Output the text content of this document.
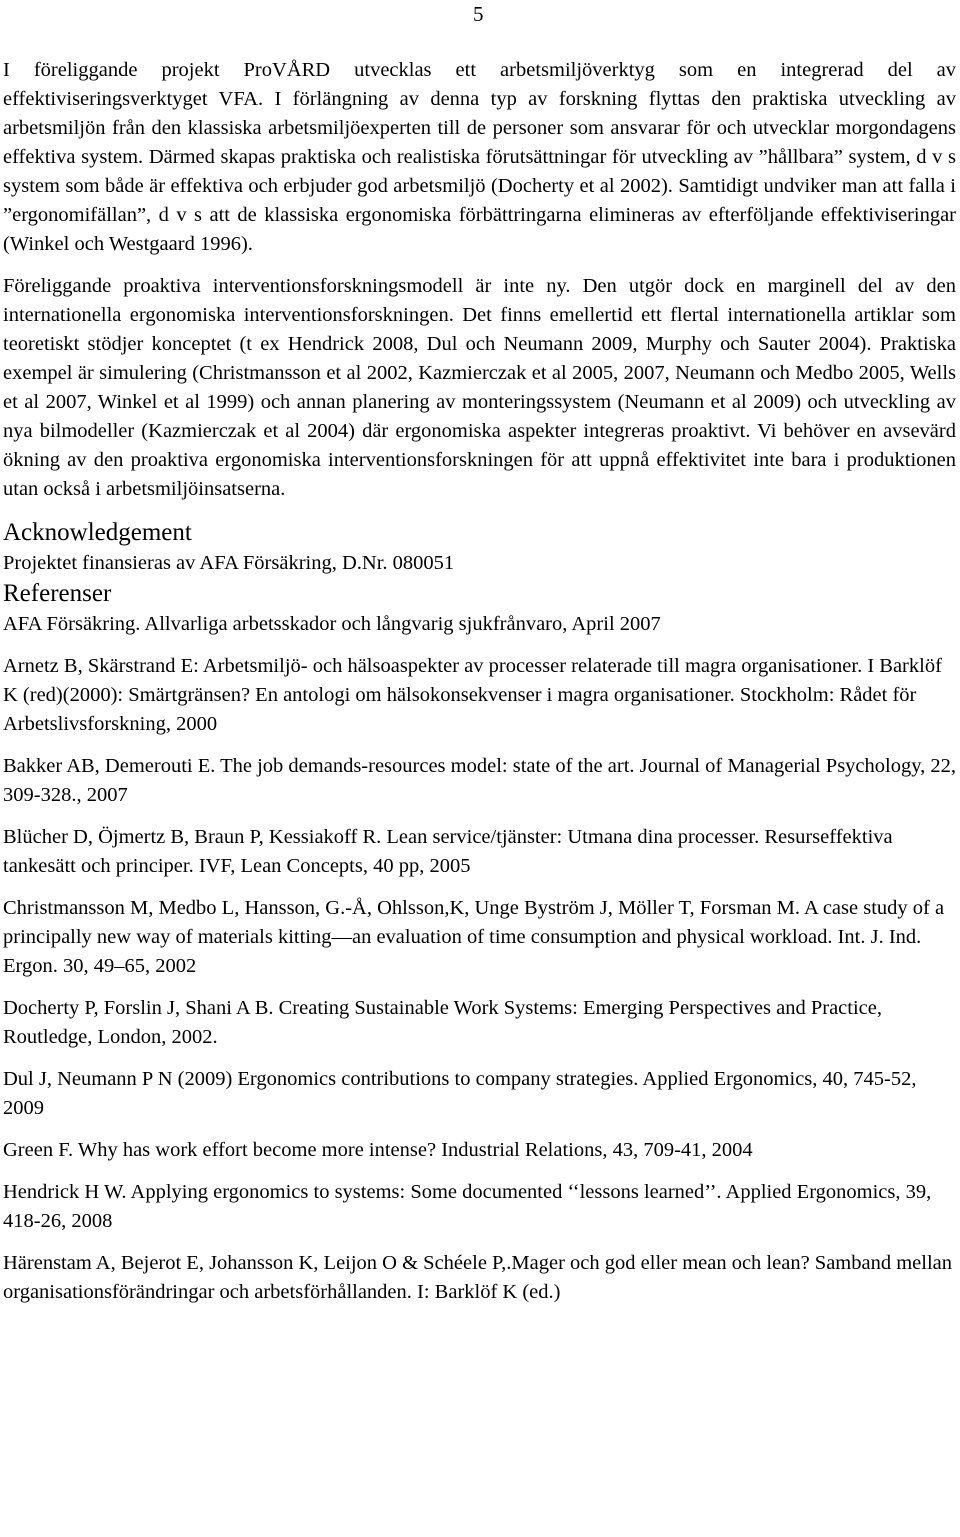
5

I föreliggande projekt ProVÅRD utvecklas ett arbetsmiljöverktyg som en integrerad del av effektiviseringsverktyget VFA. I förlängning av denna typ av forskning flyttas den praktiska utveckling av arbetsmiljön från den klassiska arbetsmiljöexperten till de personer som ansvarar för och utvecklar morgondagens effektiva system. Därmed skapas praktiska och realistiska förutsättningar för utveckling av ”hållbara” system, d v s system som både är effektiva och erbjuder god arbetsmiljö (Docherty et al 2002). Samtidigt undviker man att falla i ”ergonomifällan”, d v s att de klassiska ergonomiska förbättringarna elimineras av efterföljande effektiviseringar (Winkel och Westgaard 1996).

Föreliggande proaktiva interventionsforskningsmodell är inte ny. Den utgör dock en marginell del av den internationella ergonomiska interventionsforskningen. Det finns emellertid ett flertal internationella artiklar som teoretiskt stödjer konceptet (t ex Hendrick 2008, Dul och Neumann 2009, Murphy och Sauter 2004). Praktiska exempel är simulering (Christmansson et al 2002, Kazmierczak et al 2005, 2007, Neumann och Medbo 2005, Wells et al 2007, Winkel et al 1999) och annan planering av monteringssystem (Neumann et al 2009) och utveckling av nya bilmodeller (Kazmierczak et al 2004) där ergonomiska aspekter integreras proaktivt. Vi behöver en avsevärd ökning av den proaktiva ergonomiska interventionsforskningen för att uppnå effektivitet inte bara i produktionen utan också i arbetsmiljöinsatserna.

Acknowledgement

Projektet finansieras av AFA Försäkring, D.Nr. 080051

Referenser
AFA Försäkring. Allvarliga arbetsskador och långvarig sjukfrånvaro, April 2007
Arnetz B, Skärstrand E: Arbetsmiljö- och hälsoaspekter av processer relaterade till magra organisationer. I Barklöf K (red)(2000): Smärtgränsen? En antologi om hälsokonsekvenser i magra organisationer. Stockholm: Rådet för Arbetslivsforskning, 2000
Bakker AB, Demerouti E. The job demands-resources model: state of the art. Journal of Managerial Psychology, 22, 309-328., 2007
Blücher D, Öjmertz B, Braun P, Kessiakoff R. Lean service/tjänster: Utmana dina processer. Resurseffektiva tankesätt och principer. IVF, Lean Concepts, 40 pp, 2005
Christmansson M, Medbo L, Hansson, G.-Å, Ohlsson,K, Unge Byström J, Möller T, Forsman M. A case study of a principally new way of materials kitting—an evaluation of time consumption and physical workload. Int. J. Ind. Ergon. 30, 49–65, 2002
Docherty P, Forslin J, Shani A B. Creating Sustainable Work Systems: Emerging Perspectives and Practice, Routledge, London, 2002.
Dul J, Neumann P N (2009) Ergonomics contributions to company strategies. Applied Ergonomics, 40, 745-52, 2009
Green F. Why has work effort become more intense? Industrial Relations, 43, 709-41, 2004
Hendrick H W. Applying ergonomics to systems: Some documented ‘‘lessons learned’’. Applied Ergonomics, 39, 418-26, 2008
Härenstam A, Bejerot E, Johansson K, Leijon O & Schéele P,.Mager och god eller mean och lean? Samband mellan organisationsförändringar och arbetsförhållanden. I: Barklöf K (ed.)
